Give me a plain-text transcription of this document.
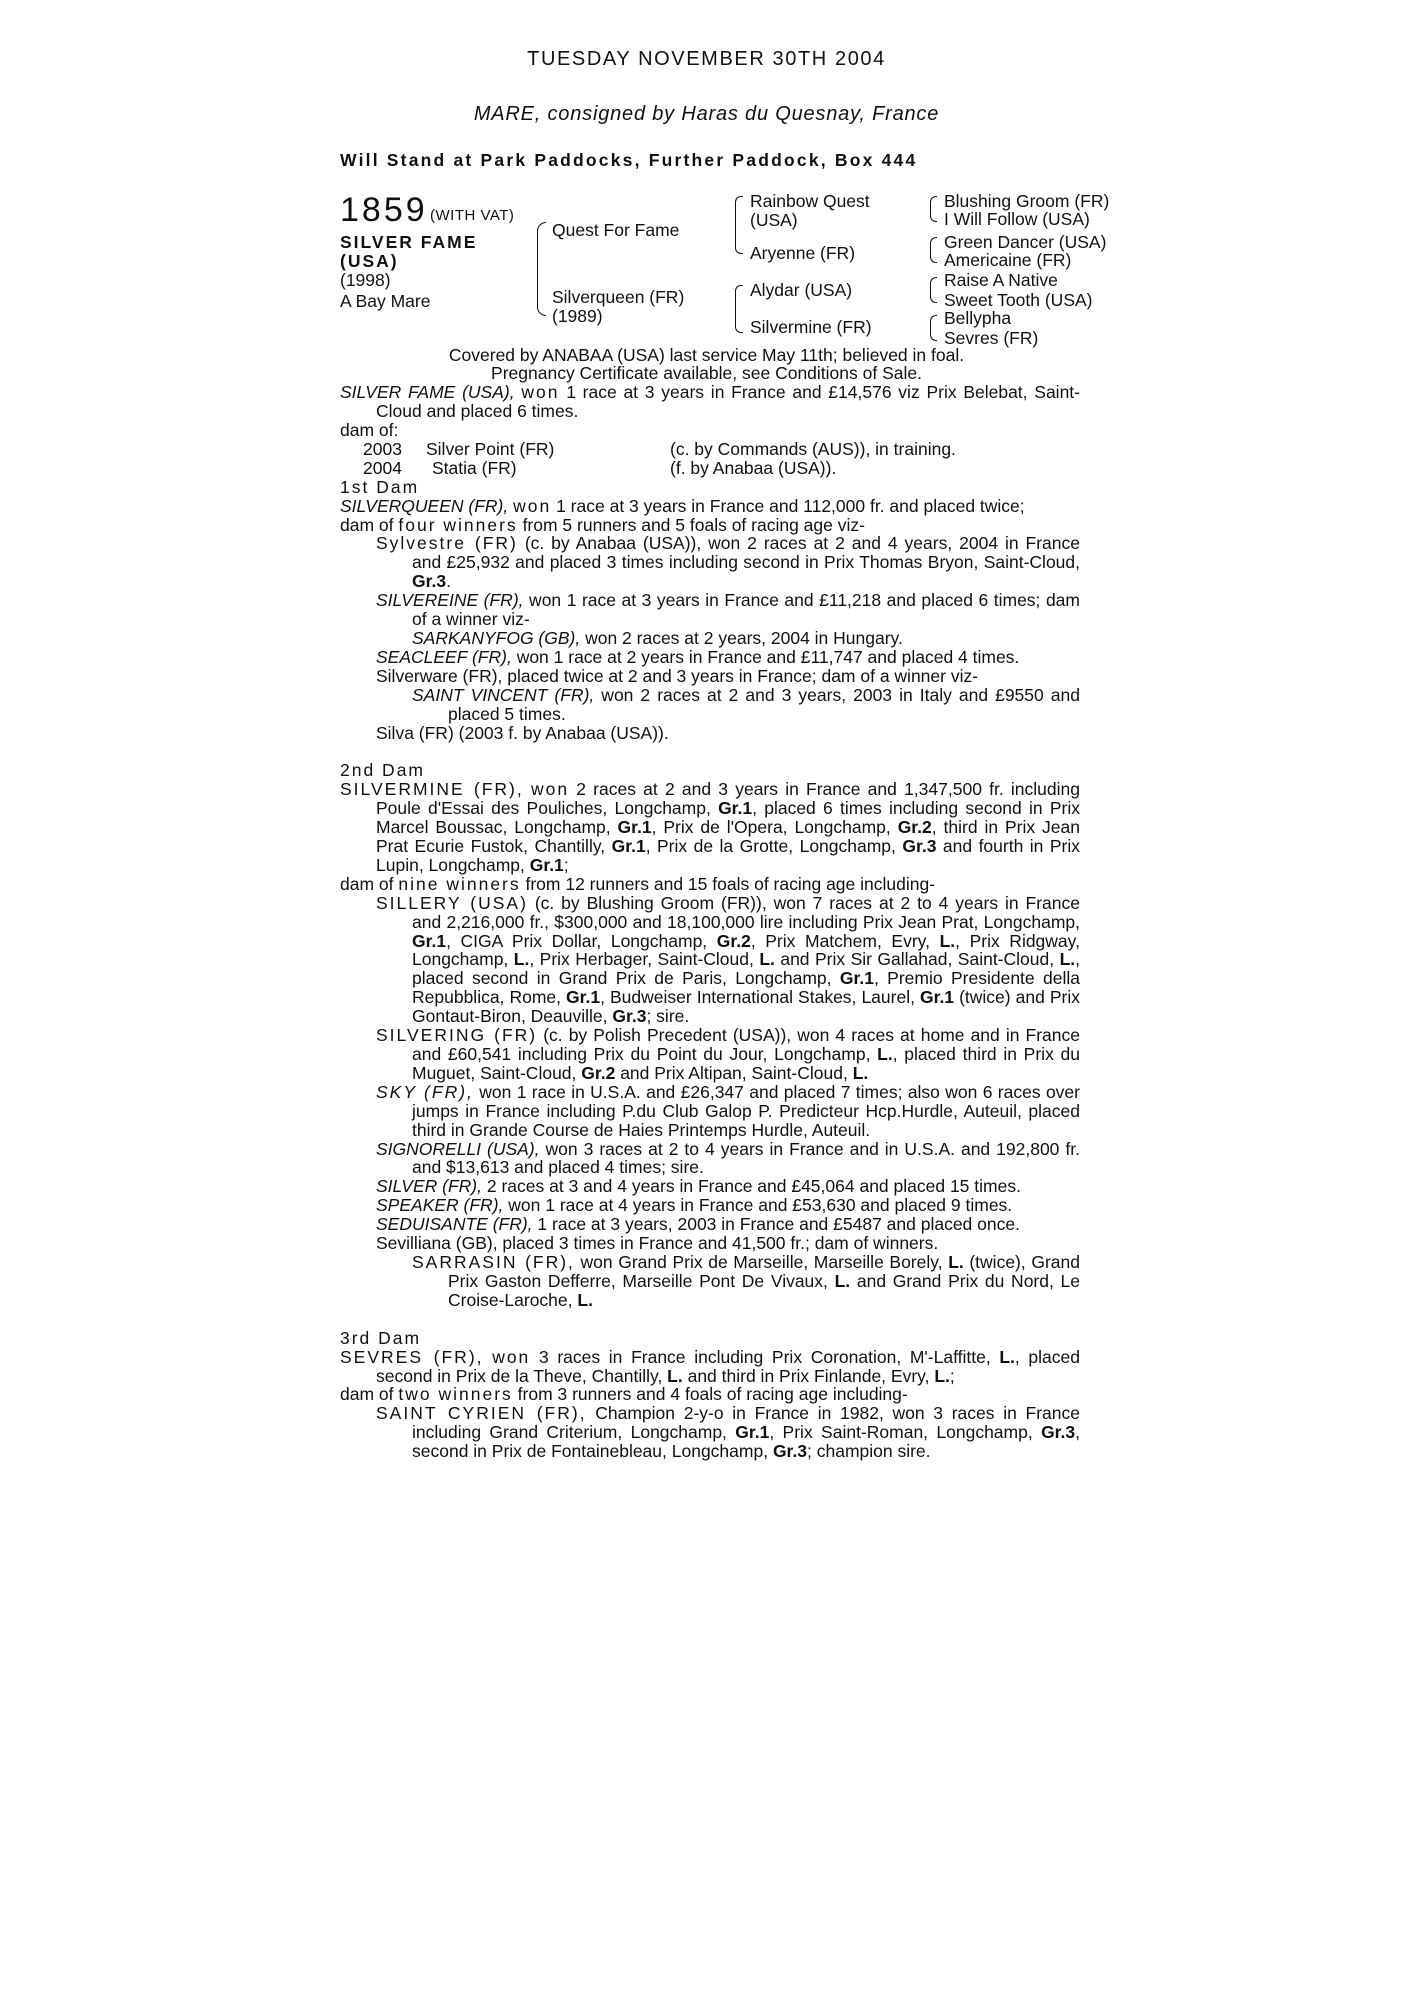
TUESDAY NOVEMBER 30TH 2004
MARE, consigned by Haras du Quesnay, France
Will Stand at Park Paddocks, Further Paddock, Box 444
1859 (WITH VAT)
SILVER FAME
(USA)
(1998)
A Bay Mare
Quest For Fame
Silverqueen (FR)
(1989)
Rainbow Quest
(USA)
Aryenne (FR)
Alydar (USA)
Silvermine (FR)
Blushing Groom (FR)
I Will Follow (USA)
Green Dancer (USA)
Americaine (FR)
Raise A Native
Sweet Tooth (USA)
Bellypha
Sevres (FR)
Covered by ANABAA (USA) last service May 11th; believed in foal.
Pregnancy Certificate available, see Conditions of Sale.

SILVER FAME (USA), won 1 race at 3 years in France and £14,576 viz Prix Belebat, Saint-Cloud and placed 6 times.

dam of:

2003 Silver Point (FR)	(c. by Commands (AUS)), in training.
2004 Statia (FR)	(f. by Anabaa (USA)).

1st Dam

SILVERQUEEN (FR), won 1 race at 3 years in France and 112,000 fr. and placed twice;

dam of four winners from 5 runners and 5 foals of racing age viz-

Sylvestre (FR) (c. by Anabaa (USA)), won 2 races at 2 and 4 years, 2004 in France and £25,932 and placed 3 times including second in Prix Thomas Bryon, Saint-Cloud, Gr.3.

SILVEREINE (FR), won 1 race at 3 years in France and £11,218 and placed 6 times; dam of a winner viz-

SARKANYFOG (GB), won 2 races at 2 years, 2004 in Hungary.

SEACLEEF (FR), won 1 race at 2 years in France and £11,747 and placed 4 times.

Silverware (FR), placed twice at 2 and 3 years in France; dam of a winner viz-

SAINT VINCENT (FR), won 2 races at 2 and 3 years, 2003 in Italy and £9550 and placed 5 times.

Silva (FR) (2003 f. by Anabaa (USA)).

2nd Dam

SILVERMINE (FR), won 2 races at 2 and 3 years in France and 1,347,500 fr. including Poule d'Essai des Pouliches, Longchamp, Gr.1, placed 6 times including second in Prix Marcel Boussac, Longchamp, Gr.1, Prix de l'Opera, Longchamp, Gr.2, third in Prix Jean Prat Ecurie Fustok, Chantilly, Gr.1, Prix de la Grotte, Longchamp, Gr.3 and fourth in Prix Lupin, Longchamp, Gr.1;

dam of nine winners from 12 runners and 15 foals of racing age including-

SILLERY (USA) (c. by Blushing Groom (FR)), won 7 races at 2 to 4 years in France and 2,216,000 fr., $300,000 and 18,100,000 lire including Prix Jean Prat, Longchamp, Gr.1, CIGA Prix Dollar, Longchamp, Gr.2, Prix Matchem, Evry, L., Prix Ridgway, Longchamp, L., Prix Herbager, Saint-Cloud, L. and Prix Sir Gallahad, Saint-Cloud, L., placed second in Grand Prix de Paris, Longchamp, Gr.1, Premio Presidente della Repubblica, Rome, Gr.1, Budweiser International Stakes, Laurel, Gr.1 (twice) and Prix Gontaut-Biron, Deauville, Gr.3; sire.

SILVERING (FR) (c. by Polish Precedent (USA)), won 4 races at home and in France and £60,541 including Prix du Point du Jour, Longchamp, L., placed third in Prix du Muguet, Saint-Cloud, Gr.2 and Prix Altipan, Saint-Cloud, L.

SKY (FR), won 1 race in U.S.A. and £26,347 and placed 7 times; also won 6 races over jumps in France including P.du Club Galop P. Predicteur Hcp.Hurdle, Auteuil, placed third in Grande Course de Haies Printemps Hurdle, Auteuil.

SIGNORELLI (USA), won 3 races at 2 to 4 years in France and in U.S.A. and 192,800 fr. and $13,613 and placed 4 times; sire.

SILVER (FR), 2 races at 3 and 4 years in France and £45,064 and placed 15 times.

SPEAKER (FR), won 1 race at 4 years in France and £53,630 and placed 9 times.

SEDUISANTE (FR), 1 race at 3 years, 2003 in France and £5487 and placed once.

Sevilliana (GB), placed 3 times in France and 41,500 fr.; dam of winners.

SARRASIN (FR), won Grand Prix de Marseille, Marseille Borely, L. (twice), Grand Prix Gaston Defferre, Marseille Pont De Vivaux, L. and Grand Prix du Nord, Le Croise-Laroche, L.

3rd Dam

SEVRES (FR), won 3 races in France including Prix Coronation, M'-Laffitte, L., placed second in Prix de la Theve, Chantilly, L. and third in Prix Finlande, Evry, L.;

dam of two winners from 3 runners and 4 foals of racing age including-

SAINT CYRIEN (FR), Champion 2-y-o in France in 1982, won 3 races in France including Grand Criterium, Longchamp, Gr.1, Prix Saint-Roman, Longchamp, Gr.3, second in Prix de Fontainebleau, Longchamp, Gr.3; champion sire.
